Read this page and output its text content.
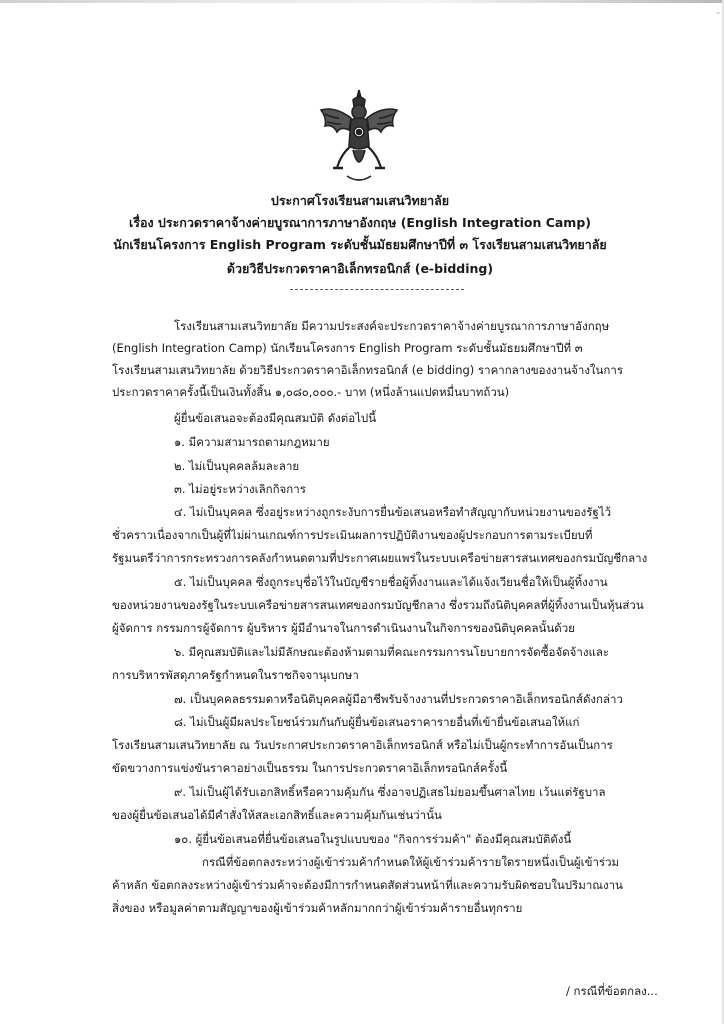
-
ประกาศโรงเรียนสามเสนวิทยาลัย
เรื่อง ประกวดราคาจ้างค่ายบูรณาการภาษาอังกฤษ (English Integration Camp)
นักเรียนโครงการ English Program ระดับชั้นมัธยมศึกษาปีที่ ๓ โรงเรียนสามเสนวิทยาลัย
ด้วยวิธีประกวดราคาอิเล็กทรอนิกส์ (e-bidding)
โรงเรียนสามเสนวิทยาลัย มีความประสงค์จะประกวดราคาจ้างค่ายบูรณาการภาษาอังกฤษ
(English Integration Camp) นักเรียนโครงการ English Program ระดับชั้นมัธยมศึกษาปีที่ ๓
โรงเรียนสามเสนวิทยาลัย ด้วยวิธีประกวดราคาอิเล็กทรอนิกส์ (e bidding) ราคากลางของงานจ้างในการ
ประกวดราคาครั้งนี้เป็นเงินทั้งสิ้น ๑,๐๘๐,๐๐๐.- บาท (หนึ่งล้านแปดหมื่นบาทถ้วน)
ผู้ยื่นข้อเสนอจะต้องมีคุณสมบัติ ดังต่อไปนี้
๑. มีความสามารถตามกฎหมาย
๒. ไม่เป็นบุคคลล้มละลาย
๓. ไม่อยู่ระหว่างเลิกกิจการ
๔. ไม่เป็นบุคคล ซึ่งอยู่ระหว่างถูกระงับการยื่นข้อเสนอหรือทำสัญญากับหน่วยงานของรัฐไว้
ชั่วคราวเนื่องจากเป็นผู้ที่ไม่ผ่านเกณฑ์การประเมินผลการปฏิบัติงานของผู้ประกอบการตามระเบียบที่
รัฐมนตรีว่าการกระทรวงการคลังกำหนดตามที่ประกาศเผยแพร่ในระบบเครือข่ายสารสนเทศของกรมบัญชีกลาง
๕. ไม่เป็นบุคคล ซึ่งถูกระบุชื่อไว้ในบัญชีรายชื่อผู้ทิ้งงานและได้แจ้งเวียนชื่อให้เป็นผู้ทิ้งงาน
ของหน่วยงานของรัฐในระบบเครือข่ายสารสนเทศของกรมบัญชีกลาง ซึ่งรวมถึงนิติบุคคลที่ผู้ทิ้งงานเป็นหุ้นส่วน
ผู้จัดการ กรรมการผู้จัดการ ผู้บริหาร ผู้มีอำนาจในการดำเนินงานในกิจการของนิติบุคคลนั้นด้วย
๖. มีคุณสมบัติและไม่มีลักษณะต้องห้ามตามที่คณะกรรมการนโยบายการจัดซื้อจัดจ้างและ
การบริหารพัสดุภาครัฐกำหนดในราชกิจจานุเบกษา
๗. เป็นบุคคลธรรมดาหรือนิติบุคคลผู้มีอาชีพรับจ้างงานที่ประกวดราคาอิเล็กทรอนิกส์ดังกล่าว
๘. ไม่เป็นผู้มีผลประโยชน์ร่วมกันกับผู้ยื่นข้อเสนอราคารายอื่นที่เข้ายื่นข้อเสนอให้แก่
โรงเรียนสามเสนวิทยาลัย ณ วันประกาศประกวดราคาอิเล็กทรอนิกส์ หรือไม่เป็นผู้กระทำการอันเป็นการ
ขัดขวางการแข่งขันราคาอย่างเป็นธรรม ในการประกวดราคาอิเล็กทรอนิกส์ครั้งนี้
๙. ไม่เป็นผู้ได้รับเอกสิทธิ์หรือความคุ้มกัน ซึ่งอาจปฏิเสธไม่ยอมขึ้นศาลไทย เว้นแต่รัฐบาล
ของผู้ยื่นข้อเสนอได้มีคำสั่งให้สละเอกสิทธิ์และความคุ้มกันเช่นว่านั้น
๑๐. ผู้ยื่นข้อเสนอที่ยื่นข้อเสนอในรูปแบบของ "กิจการร่วมค้า" ต้องมีคุณสมบัติดังนี้
กรณีที่ข้อตกลงระหว่างผู้เข้าร่วมค้ากำหนดให้ผู้เข้าร่วมค้ารายใดรายหนึ่งเป็นผู้เข้าร่วม
ค้าหลัก ข้อตกลงระหว่างผู้เข้าร่วมค้าจะต้องมีการกำหนดสัดส่วนหน้าที่และความรับผิดชอบในปริมาณงาน
สิ่งของ หรือมูลค่าตามสัญญาของผู้เข้าร่วมค้าหลักมากกว่าผู้เข้าร่วมค้ารายอื่นทุกราย
/ กรณีที่ข้อตกลง...
